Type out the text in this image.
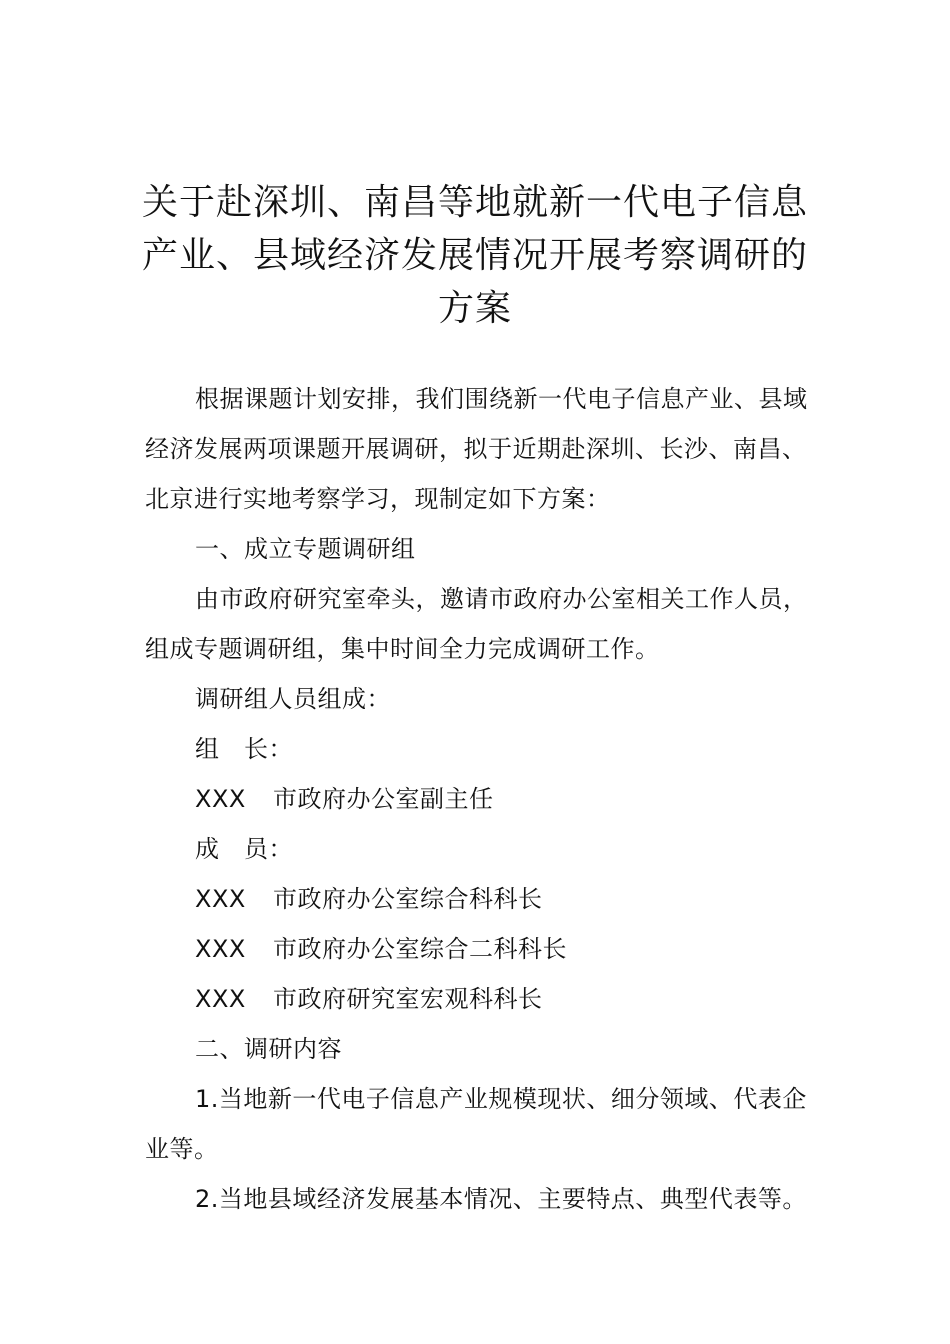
关于赴深圳、南昌等地就新一代电子信息
产业、县域经济发展情况开展考察调研的
方案

根据课题计划安排，我们围绕新一代电子信息产业、县域经济发展两项课题开展调研，拟于近期赴深圳、长沙、南昌、北京进行实地考察学习，现制定如下方案：

一、成立专题调研组

由市政府研究室牵头，邀请市政府办公室相关工作人员，组成专题调研组，集中时间全力完成调研工作。

调研组人员组成：

组　长：

XXX 市政府办公室副主任

成　员：

XXX 市政府办公室综合科科长

XXX 市政府办公室综合二科科长

XXX 市政府研究室宏观科科长

二、调研内容

1.当地新一代电子信息产业规模现状、细分领域、代表企业等。

2.当地县域经济发展基本情况、主要特点、典型代表等。
